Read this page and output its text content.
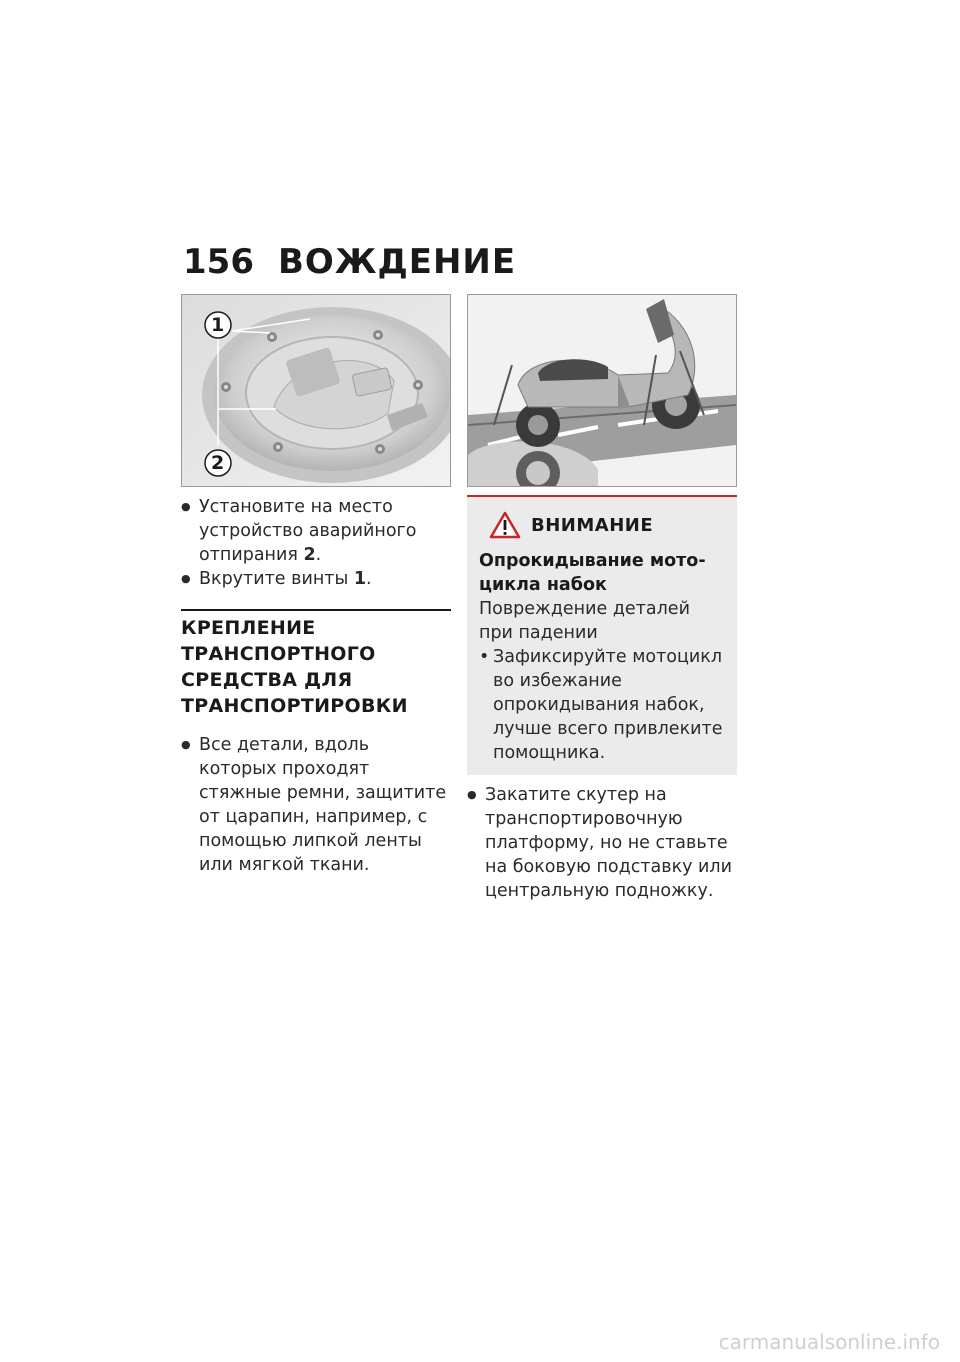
156 ВОЖДЕНИЕ
1
2
● Установите на место устройство аварийного отпирания 2.
● Вкрутите винты 1.
КРЕПЛЕНИЕ ТРАНСПОРТНОГО СРЕДСТВА ДЛЯ ТРАНСПОРТИРОВКИ
● Все детали, вдоль которых проходят стяжные ремни, защитите от царапин, например, с помощью липкой ленты или мягкой ткани.
ВНИМАНИЕ
Опрокидывание мотоцикла набок
Повреждение деталей при падении
• Зафиксируйте мотоцикл во избежание опрокидывания набок, лучше всего привлеките помощника.
● Закатите скутер на транспортировочную платформу, но не ставьте на боковую подставку или центральную подножку.
carmanualsonline.info
